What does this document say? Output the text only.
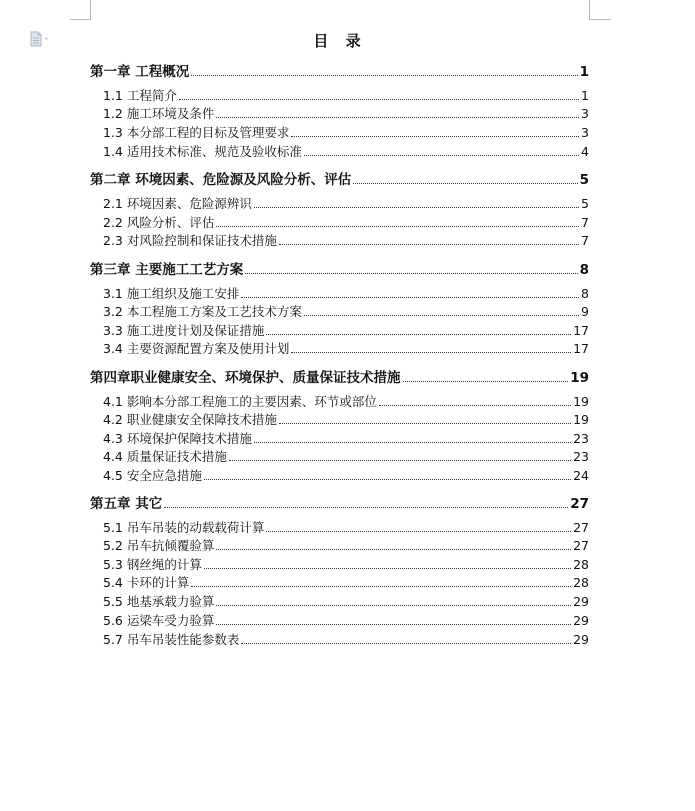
目 录
第一章 工程概况	1
1.1 工程简介	1
1.2 施工环境及条件	3
1.3 本分部工程的目标及管理要求	3
1.4 适用技术标准、规范及验收标准	4
第二章 环境因素、危险源及风险分析、评估	5
2.1 环境因素、危险源辨识	5
2.2 风险分析、评估	7
2.3 对风险控制和保证技术措施	7
第三章 主要施工工艺方案	8
3.1 施工组织及施工安排	8
3.2 本工程施工方案及工艺技术方案	9
3.3 施工进度计划及保证措施	17
3.4 主要资源配置方案及使用计划	17
第四章职业健康安全、环境保护、质量保证技术措施	19
4.1 影响本分部工程施工的主要因素、环节或部位	19
4.2 职业健康安全保障技术措施	19
4.3 环境保护保障技术措施	23
4.4 质量保证技术措施	23
4.5 安全应急措施	24
第五章 其它	27
5.1 吊车吊装的动载载荷计算	27
5.2 吊车抗倾覆验算	27
5.3 钢丝绳的计算	28
5.4 卡环的计算	28
5.5 地基承载力验算	29
5.6 运梁车受力验算	29
5.7 吊车吊装性能参数表	29
